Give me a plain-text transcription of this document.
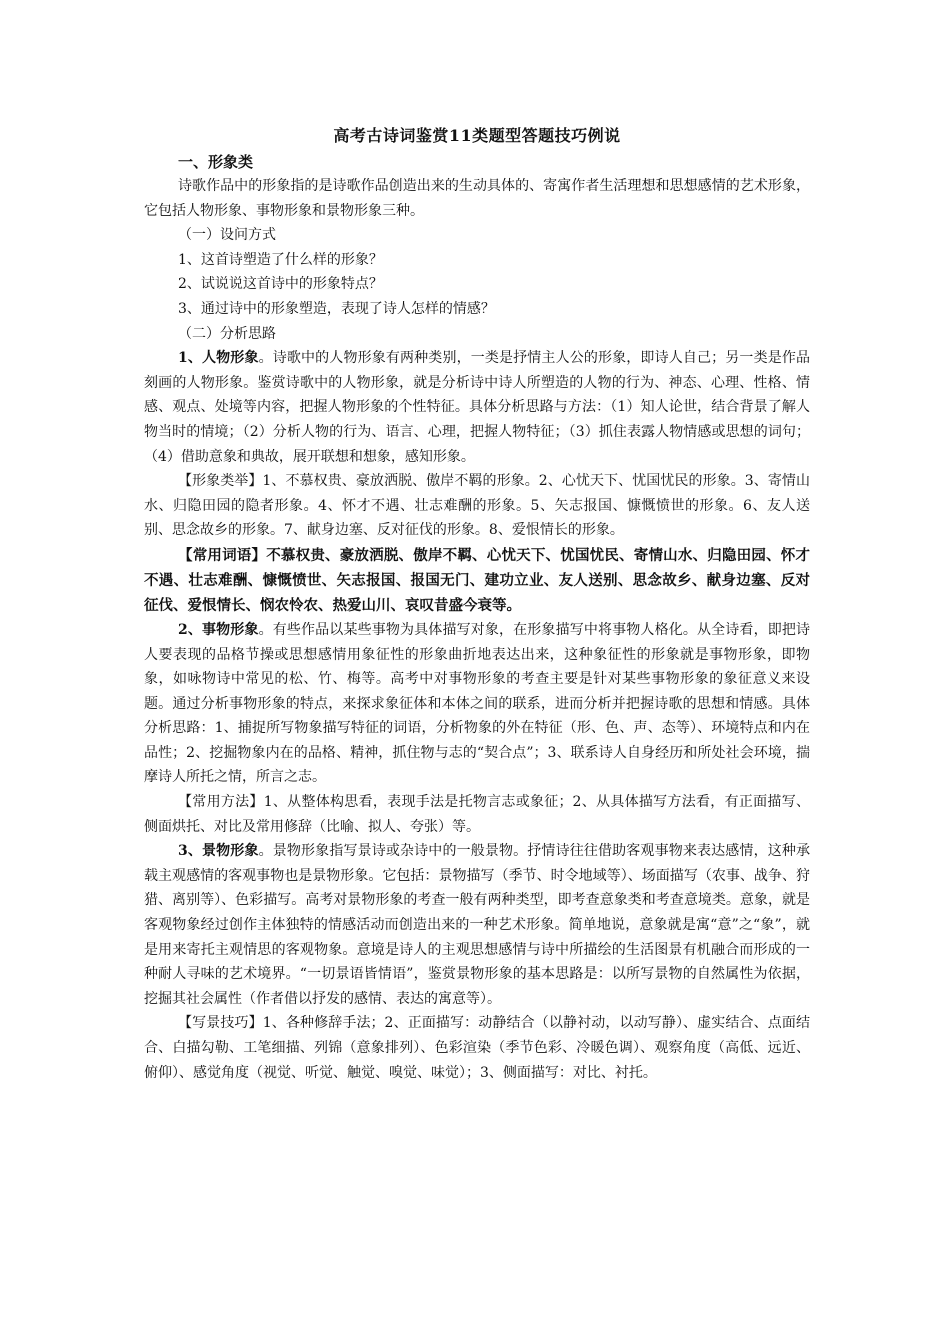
高考古诗词鉴赏11类题型答题技巧例说
一、形象类

诗歌作品中的形象指的是诗歌作品创造出来的生动具体的、寄寓作者生活理想和思想感情的艺术形象，它包括人物形象、事物形象和景物形象三种。

（一）设问方式

1、这首诗塑造了什么样的形象？

2、试说说这首诗中的形象特点？

3、通过诗中的形象塑造，表现了诗人怎样的情感？

（二）分析思路

1、人物形象。诗歌中的人物形象有两种类别，一类是抒情主人公的形象，即诗人自己；另一类是作品刻画的人物形象。鉴赏诗歌中的人物形象，就是分析诗中诗人所塑造的人物的行为、神态、心理、性格、情感、观点、处境等内容，把握人物形象的个性特征。具体分析思路与方法：（1）知人论世，结合背景了解人物当时的情境；（2）分析人物的行为、语言、心理，把握人物特征；（3）抓住表露人物情感或思想的词句；（4）借助意象和典故，展开联想和想象，感知形象。

【形象类举】1、不慕权贵、豪放洒脱、傲岸不羁的形象。2、心忧天下、忧国忧民的形象。3、寄情山水、归隐田园的隐者形象。4、怀才不遇、壮志难酬的形象。5、矢志报国、慷慨愤世的形象。6、友人送别、思念故乡的形象。7、献身边塞、反对征伐的形象。8、爱恨情长的形象。

【常用词语】不慕权贵、豪放洒脱、傲岸不羁、心忧天下、忧国忧民、寄情山水、归隐田园、怀才不遇、壮志难酬、慷慨愤世、矢志报国、报国无门、建功立业、友人送别、思念故乡、献身边塞、反对征伐、爱恨情长、悯农怜农、热爱山川、哀叹昔盛今衰等。

2、事物形象。有些作品以某些事物为具体描写对象，在形象描写中将事物人格化。从全诗看，即把诗人要表现的品格节操或思想感情用象征性的形象曲折地表达出来，这种象征性的形象就是事物形象，即物象，如咏物诗中常见的松、竹、梅等。高考中对事物形象的考查主要是针对某些事物形象的象征意义来设题。通过分析事物形象的特点，来探求象征体和本体之间的联系，进而分析并把握诗歌的思想和情感。具体分析思路：1、捕捉所写物象描写特征的词语，分析物象的外在特征（形、色、声、态等）、环境特点和内在品性；2、挖掘物象内在的品格、精神，抓住物与志的“契合点”；3、联系诗人自身经历和所处社会环境，揣摩诗人所托之情，所言之志。

【常用方法】1、从整体构思看，表现手法是托物言志或象征；2、从具体描写方法看，有正面描写、侧面烘托、对比及常用修辞（比喻、拟人、夸张）等。

3、景物形象。景物形象指写景诗或杂诗中的一般景物。抒情诗往往借助客观事物来表达感情，这种承载主观感情的客观事物也是景物形象。它包括：景物描写（季节、时令地域等）、场面描写（农事、战争、狩猎、离别等）、色彩描写。高考对景物形象的考查一般有两种类型，即考查意象类和考查意境类。意象，就是客观物象经过创作主体独特的情感活动而创造出来的一种艺术形象。简单地说，意象就是寓“意”之“象”，就是用来寄托主观情思的客观物象。意境是诗人的主观思想感情与诗中所描绘的生活图景有机融合而形成的一种耐人寻味的艺术境界。“一切景语皆情语”，鉴赏景物形象的基本思路是：以所写景物的自然属性为依据，挖掘其社会属性（作者借以抒发的感情、表达的寓意等）。

【写景技巧】1、各种修辞手法；2、正面描写：动静结合（以静衬动，以动写静）、虚实结合、点面结合、白描勾勒、工笔细描、列锦（意象排列）、色彩渲染（季节色彩、冷暖色调）、观察角度（高低、远近、俯仰）、感觉角度（视觉、听觉、触觉、嗅觉、味觉）；3、侧面描写：对比、衬托。
